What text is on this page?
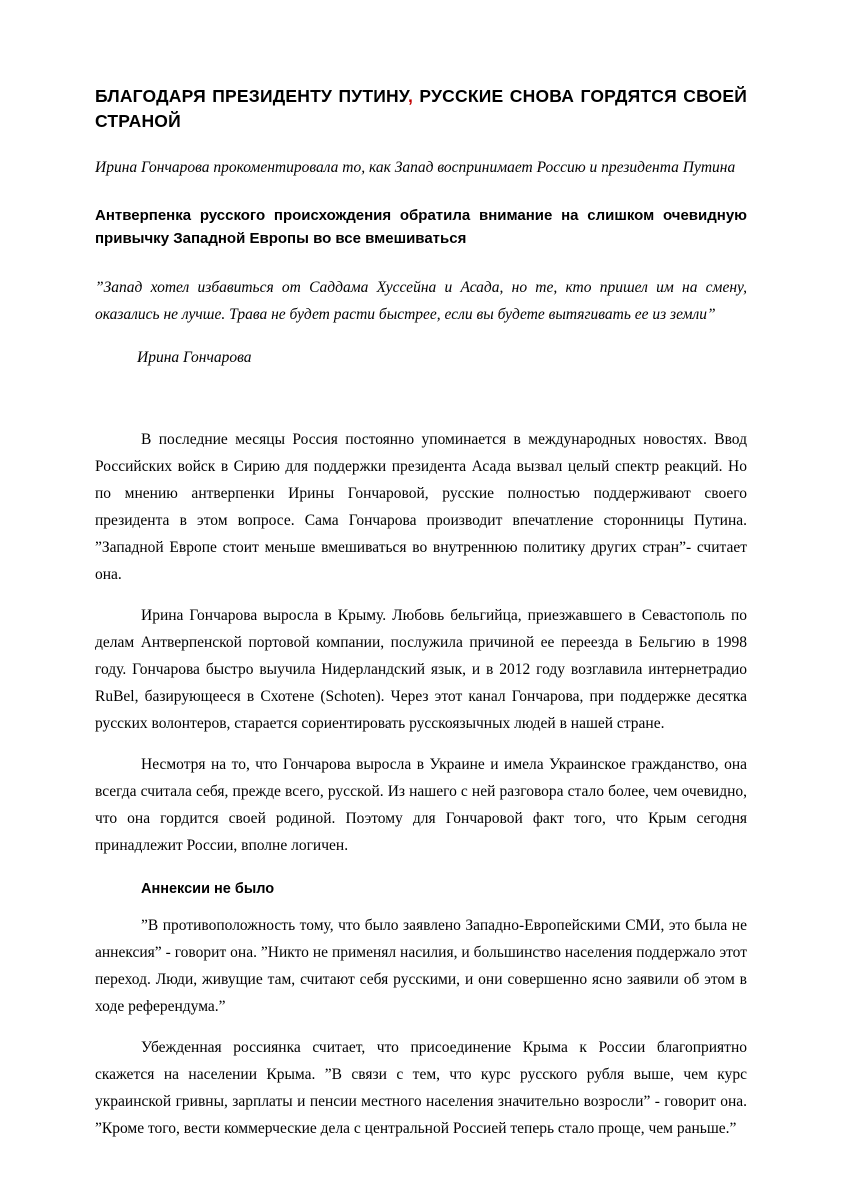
БЛАГОДАРЯ ПРЕЗИДЕНТУ ПУТИНУ, РУССКИЕ СНОВА ГОРДЯТСЯ СВОЕЙ СТРАНОЙ

Ирина Гончарова прокоментировала то, как Запад воспринимает Россию и президента Путина

Антверпенка русского происхождения обратила внимание на слишком очевидную привычку Западной Европы во все вмешиваться

”Запад хотел избавиться от Саддама Хуссейна и Асада, но те, кто пришел им на смену, оказались не лучше. Трава не будет расти быстрее, если вы будете вытягивать ее из земли”

Ирина Гончарова

В последние месяцы Россия постоянно упоминается в международных новостях. Ввод Российских войск в Сирию для поддержки президента Асада вызвал целый спектр реакций. Но по мнению антверпенки Ирины Гончаровой, русские полностью поддерживают своего президента в этом вопросе. Сама Гончарова производит впечатление сторонницы Путина. ”Западной Европе стоит меньше вмешиваться во внутреннюю политику других стран”- считает она.

Ирина Гончарова выросла в Крыму. Любовь бельгийца, приезжавшего в Севастополь по делам Антверпенской портовой компании, послужила причиной ее переезда в Бельгию в 1998 году. Гончарова быстро выучила Нидерландский язык, и в 2012 году возглавила интернетрадио RuBel, базирующееся в Схотене (Schoten). Через этот канал Гончарова, при поддержке десятка русских волонтеров, старается сориентировать русскоязычных людей в нашей стране.

Несмотря на то, что Гончарова выросла в Украине и имела Украинское гражданство, она всегда считала себя, прежде всего, русской. Из нашего с ней разговора стало более, чем очевидно, что она гордится своей родиной. Поэтому для Гончаровой факт того, что Крым сегодня принадлежит России, вполне логичен.

Аннексии не было

”В противоположность тому, что было заявлено Западно-Европейскими СМИ, это была не аннексия” - говорит она. ”Никто не применял насилия, и большинство населения поддержало этот переход. Люди, живущие там, считают себя русскими, и они совершенно ясно заявили об этом в ходе референдума.”

Убежденная россиянка считает, что присоединение Крыма к России благоприятно скажется на населении Крыма. ”В связи с тем, что курс русского рубля выше, чем курс украинской гривны, зарплаты и пенсии местного населения значительно возросли” - говорит она. ”Кроме того, вести коммерческие дела с центральной Россией теперь стало проще, чем раньше.”
